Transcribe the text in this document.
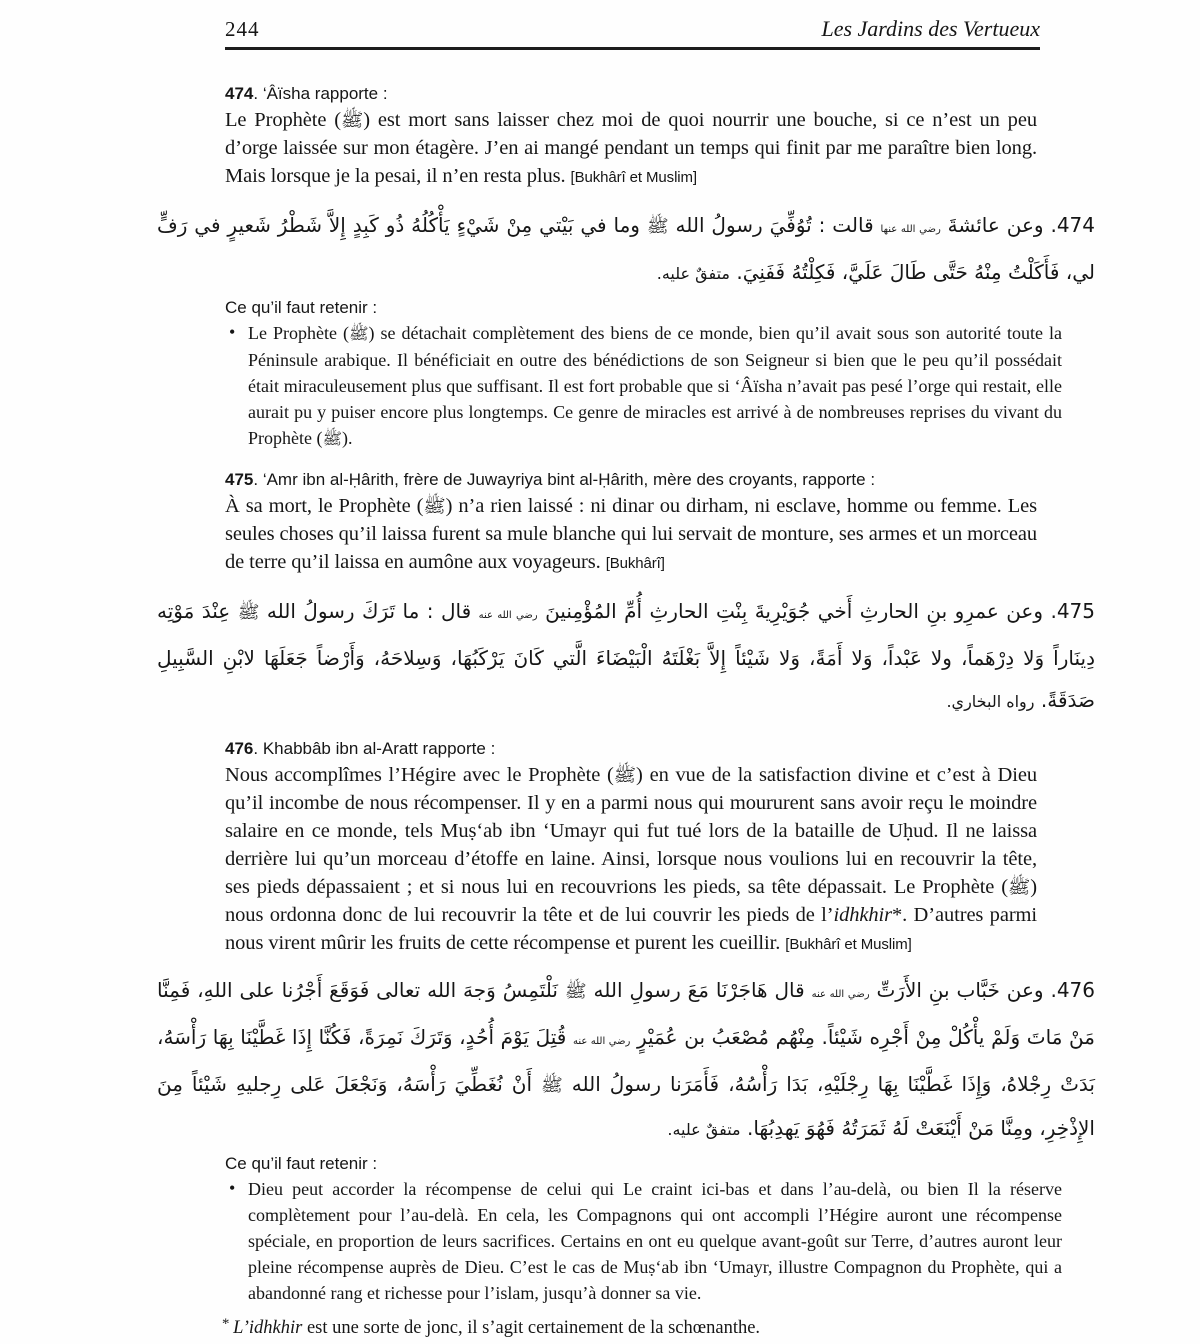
244	Les Jardins des Vertueux
474. ‘Âïsha rapporte :

Le Prophète (ﷺ) est mort sans laisser chez moi de quoi nourrir une bouche, si ce n’est un peu d’orge laissée sur mon étagère. J’en ai mangé pendant un temps qui finit par me paraître bien long. Mais lorsque je la pesai, il n’en resta plus. [Bukhârî et Muslim]

474. وعن عائشةَ رضي الله عنها قالت : تُوُفِّيَ رسولُ الله ﷺ وما في بَيْتي مِنْ شَيْءٍ يَأْكُلُهُ ذُو كَبِدٍ إِلاَّ شَطْرُ شَعيرٍ في رَفٍّ لي، فَأَكَلْتُ مِنْهُ حَتَّى طَالَ عَلَيَّ، فَكِلْتُهُ فَفَنِيَ. متفقٌ عليه.

Ce qu’il faut retenir :
• Le Prophète (ﷺ) se détachait complètement des biens de ce monde, bien qu’il avait sous son autorité toute la Péninsule arabique. Il bénéficiait en outre des bénédictions de son Seigneur si bien que le peu qu’il possédait était miraculeusement plus que suffisant. Il est fort probable que si ‘Âïsha n’avait pas pesé l’orge qui restait, elle aurait pu y puiser encore plus longtemps. Ce genre de miracles est arrivé à de nombreuses reprises du vivant du Prophète (ﷺ).
475. ‘Amr ibn al-Ḥârith, frère de Juwayriya bint al-Ḥârith, mère des croyants, rapporte :

À sa mort, le Prophète (ﷺ) n’a rien laissé : ni dinar ou dirham, ni esclave, homme ou femme. Les seules choses qu’il laissa furent sa mule blanche qui lui servait de monture, ses armes et un morceau de terre qu’il laissa en aumône aux voyageurs. [Bukhârî]

475. وعن عمرِو بنِ الحارثِ أَخي جُوَيْرِيةَ بِنْتِ الحارثِ أُمِّ المُؤْمِنينَ رضي الله عنه قال : ما تَرَكَ رسولُ الله ﷺ عِنْدَ مَوْتِه دِينَاراً وَلا دِرْهَماً، ولا عَبْداً، وَلا أَمَةً، وَلا شَيْئاً إِلاَّ بَغْلَتَهُ الْبَيْضَاءَ الَّتي كَانَ يَرْكَبُهَا، وَسِلاحَهُ، وَأَرْضاً جَعَلَهَا لابْنِ السَّبِيلِ صَدَقَةً. رواه البخاري.

476. Khabbâb ibn al-Aratt rapporte :

Nous accomplîmes l’Hégire avec le Prophète (ﷺ) en vue de la satisfaction divine et c’est à Dieu qu’il incombe de nous récompenser. Il y en a parmi nous qui moururent sans avoir reçu le moindre salaire en ce monde, tels Muṣ‘ab ibn ‘Umayr qui fut tué lors de la bataille de Uḥud. Il ne laissa derrière lui qu’un morceau d’étoffe en laine. Ainsi, lorsque nous voulions lui en recouvrir la tête, ses pieds dépassaient ; et si nous lui en recouvrions les pieds, sa tête dépassait. Le Prophète (ﷺ) nous ordonna donc de lui recouvrir la tête et de lui couvrir les pieds de l’idhkhir*. D’autres parmi nous virent mûrir les fruits de cette récompense et purent les cueillir. [Bukhârî et Muslim]

476. وعن خَبَّاب بنِ الأَرَتِّ رضي الله عنه قال هَاجَرْنَا مَعَ رسولِ الله ﷺ نَلْتَمِسُ وَجهَ الله تعالى فَوَقَعَ أَجْرُنا على اللهِ، فَمِنَّا مَنْ مَاتَ وَلَمْ يأْكُلْ مِنْ أَجْرِه شَيْئاً. مِنْهُم مُصْعَبُ بن عُمَيْرٍ رضي الله عنه قُتِلَ يَوْمَ أُحُدٍ، وَتَرَكَ نَمِرَةً، فَكُنَّا إِذَا غَطَّيْنَا بِهَا رَأْسَهُ، بَدَتْ رِجْلاهُ، وَإِذَا غَطَّيْنَا بِهَا رِجْلَيْهِ، بَدَا رَأْسُهُ، فَأَمَرَنا رسولُ الله ﷺ أَنْ نُغَطِّيَ رَأْسَهُ، وَنَجْعَلَ عَلى رِجليهِ شَيْئاً مِنَ الإِذْخِرِ، ومِنَّا مَنْ أَيْنَعَتْ لَهُ ثَمَرَتُهُ فَهُوَ يَهدِبُهَا. متفقٌ عليه.

Ce qu’il faut retenir :
• Dieu peut accorder la récompense de celui qui Le craint ici-bas et dans l’au-delà, ou bien Il la réserve complètement pour l’au-delà. En cela, les Compagnons qui ont accompli l’Hégire auront une récompense spéciale, en proportion de leurs sacrifices. Certains en ont eu quelque avant-goût sur Terre, d’autres auront leur pleine récompense auprès de Dieu. C’est le cas de Muṣ‘ab ibn ‘Umayr, illustre Compagnon du Prophète, qui a abandonné rang et richesse pour l’islam, jusqu’à donner sa vie.

* L’idhkhir est une sorte de jonc, il s’agit certainement de la schœnanthe.
